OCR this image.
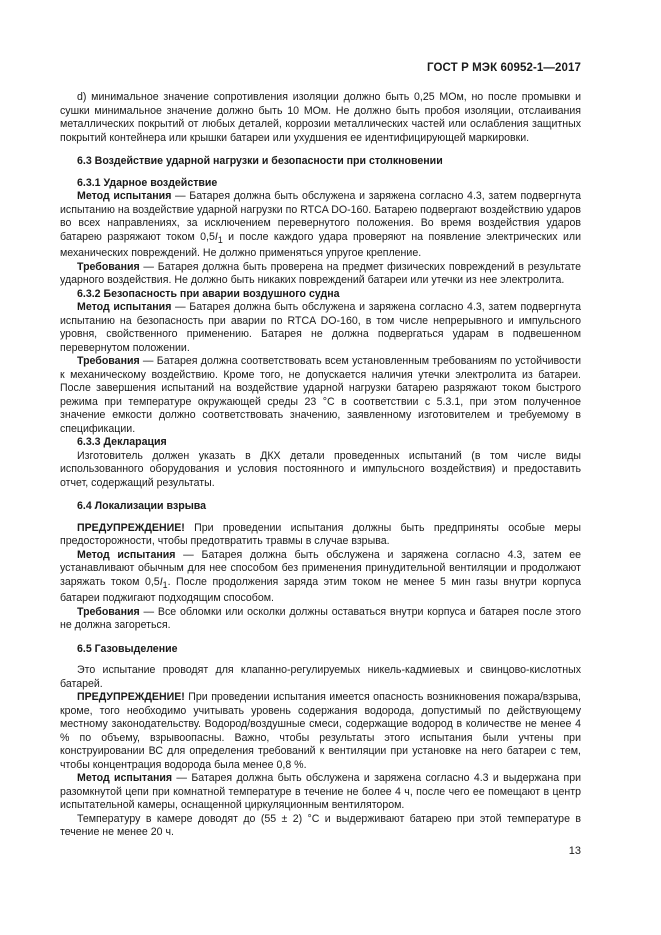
ГОСТ Р МЭК 60952-1—2017

d) минимальное значение сопротивления изоляции должно быть 0,25 МОм, но после промывки и сушки минимальное значение должно быть 10 МОм. Не должно быть пробоя изоляции, отслаивания металлических покрытий от любых деталей, коррозии металлических частей или ослабления защитных покрытий контейнера или крышки батареи или ухудшения ее идентифицирующей маркировки.

6.3 Воздействие ударной нагрузки и безопасности при столкновении

6.3.1 Ударное воздействие

Метод испытания — Батарея должна быть обслужена и заряжена согласно 4.3, затем подвергнута испытанию на воздействие ударной нагрузки по RTCA DO-160. Батарею подвергают воздействию ударов во всех направлениях, за исключением перевернутого положения. Во время воздействия ударов батарею разряжают током $0,5I_1$ и после каждого удара проверяют на появление электрических или механических повреждений. Не должно применяться упругое крепление.

Требования — Батарея должна быть проверена на предмет физических повреждений в результате ударного воздействия. Не должно быть никаких повреждений батареи или утечки из нее электролита.

6.3.2 Безопасность при аварии воздушного судна

Метод испытания — Батарея должна быть обслужена и заряжена согласно 4.3, затем подвергнута испытанию на безопасность при аварии по RTCA DO-160, в том числе непрерывного и импульсного уровня, свойственного применению. Батарея не должна подвергаться ударам в подвешенном перевернутом положении.

Требования — Батарея должна соответствовать всем установленным требованиям по устойчивости к механическому воздействию. Кроме того, не допускается наличия утечки электролита из батареи. После завершения испытаний на воздействие ударной нагрузки батарею разряжают током быстрого режима при температуре окружающей среды 23 °С в соответствии с 5.3.1, при этом полученное значение емкости должно соответствовать значению, заявленному изготовителем и требуемому в спецификации.

6.3.3 Декларация

Изготовитель должен указать в ДКХ детали проведенных испытаний (в том числе виды использованного оборудования и условия постоянного и импульсного воздействия) и предоставить отчет, содержащий результаты.

6.4 Локализации взрыва

ПРЕДУПРЕЖДЕНИЕ! При проведении испытания должны быть предприняты особые меры предосторожности, чтобы предотвратить травмы в случае взрыва.

Метод испытания — Батарея должна быть обслужена и заряжена согласно 4.3, затем ее устанавливают обычным для нее способом без применения принудительной вентиляции и продолжают заряжать током $0,5I_1$. После продолжения заряда этим током не менее 5 мин газы внутри корпуса батареи поджигают подходящим способом.

Требования — Все обломки или осколки должны оставаться внутри корпуса и батарея после этого не должна загореться.

6.5 Газовыделение

Это испытание проводят для клапанно-регулируемых никель-кадмиевых и свинцово-кислотных батарей.

ПРЕДУПРЕЖДЕНИЕ! При проведении испытания имеется опасность возникновения пожара/взрыва, кроме, того необходимо учитывать уровень содержания водорода, допустимый по действующему местному законодательству. Водород/воздушные смеси, содержащие водород в количестве не менее 4 % по объему, взрывоопасны. Важно, чтобы результаты этого испытания были учтены при конструировании ВС для определения требований к вентиляции при установке на него батареи с тем, чтобы концентрация водорода была менее 0,8 %.

Метод испытания — Батарея должна быть обслужена и заряжена согласно 4.3 и выдержана при разомкнутой цепи при комнатной температуре в течение не более 4 ч, после чего ее помещают в центр испытательной камеры, оснащенной циркуляционным вентилятором.

Температуру в камере доводят до (55 ± 2) °С и выдерживают батарею при этой температуре в течение не менее 20 ч.

13
